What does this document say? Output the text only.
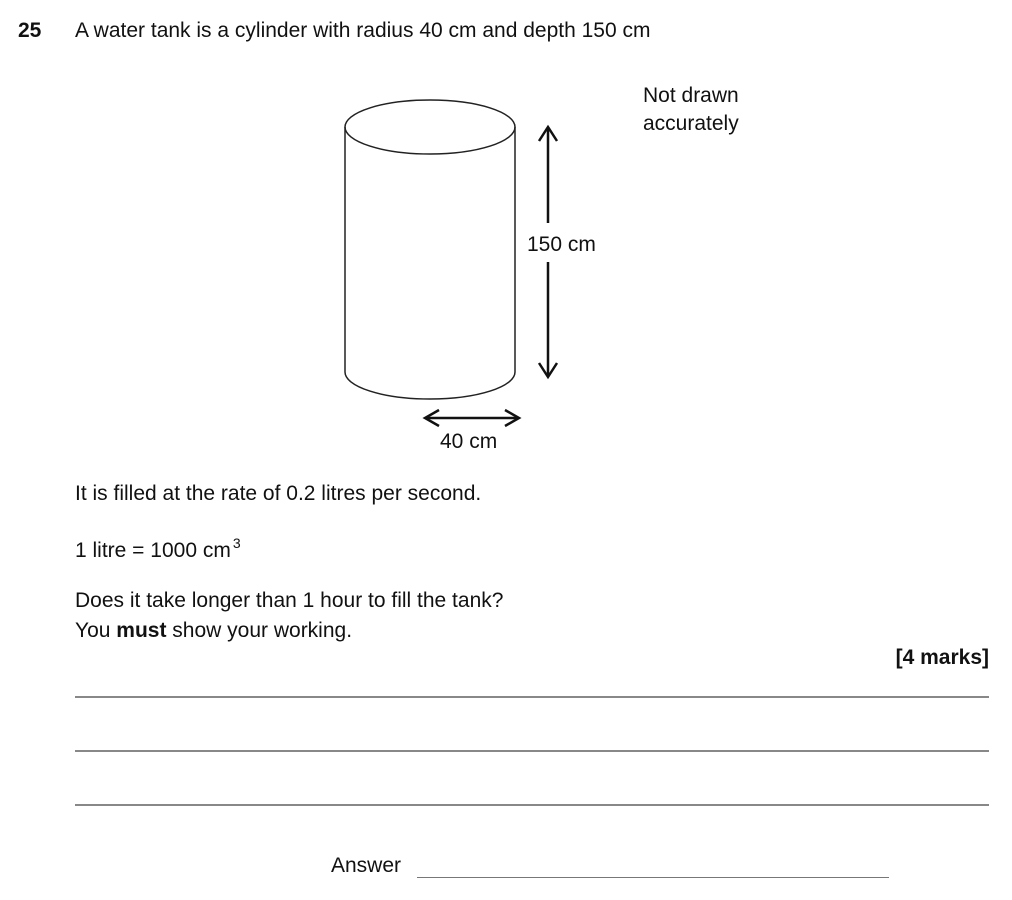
25 A water tank is a cylinder with radius 40 cm and depth 150 cm
Not drawn
accurately
150 cm
40 cm
It is filled at the rate of 0.2 litres per second.
1 litre = 1000 cm $^3$
Does it take longer than 1 hour to fill the tank?
You must show your working.
[4 marks]
Answer
